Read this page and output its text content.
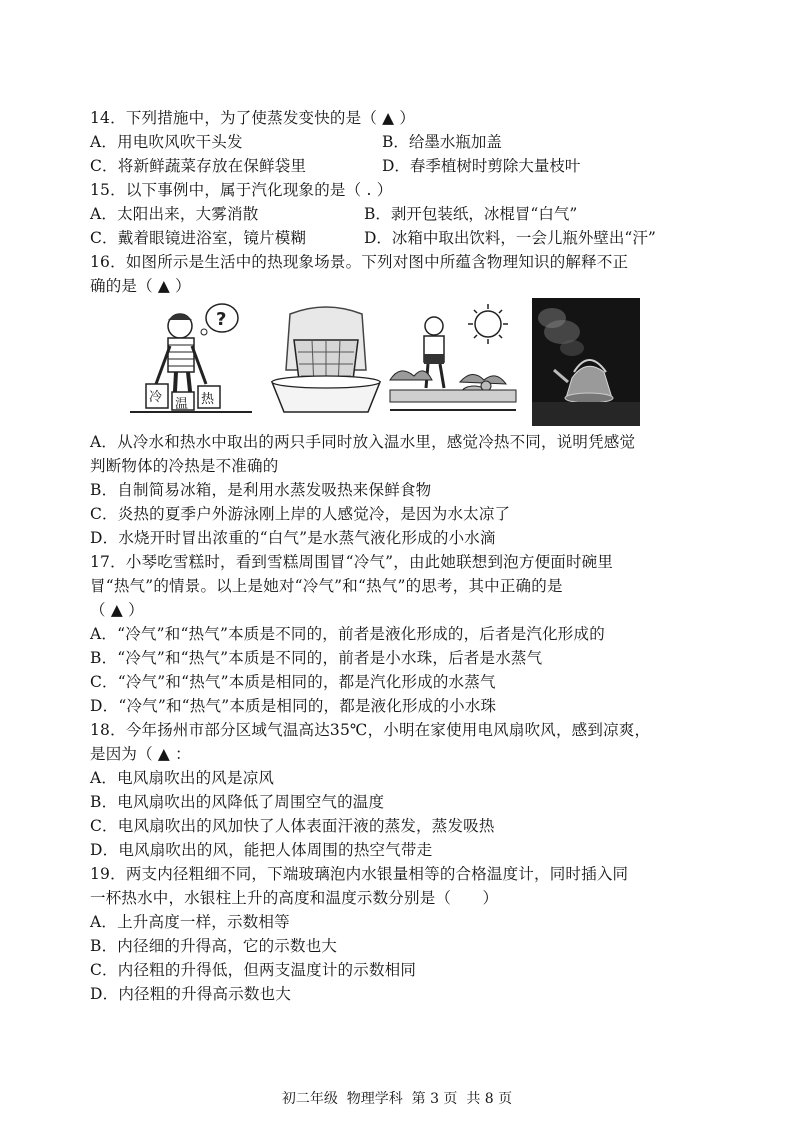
14．下列措施中，为了使蒸发变快的是（ ▲ ）
A．用电吹风吹干头发	B．给墨水瓶加盖
C．将新鲜蔬菜存放在保鲜袋里	D．春季植树时剪除大量枝叶
15．以下事例中，属于汽化现象的是（ . ）
A．太阳出来，大雾消散	B．剥开包装纸，冰棍冒“白气”
C．戴着眼镜进浴室，镜片模糊	D．冰箱中取出饮料，一会儿瓶外壁出“汗”
16．如图所示是生活中的热现象场景。下列对图中所蕴含物理知识的解释不正
确的是（ ▲ ）
?
冷 温 热
A．从冷水和热水中取出的两只手同时放入温水里，感觉冷热不同，说明凭感觉
判断物体的冷热是不准确的
B．自制简易冰箱，是利用水蒸发吸热来保鲜食物
C．炎热的夏季户外游泳刚上岸的人感觉冷，是因为水太凉了
D．水烧开时冒出浓重的“白气”是水蒸气液化形成的小水滴
17．小琴吃雪糕时，看到雪糕周围冒“冷气”，由此她联想到泡方便面时碗里
冒“热气”的情景。以上是她对“冷气”和“热气”的思考，其中正确的是
（ ▲ ）
A．“冷气”和“热气”本质是不同的，前者是液化形成的，后者是汽化形成的
B．“冷气”和“热气”本质是不同的，前者是小水珠，后者是水蒸气
C．“冷气”和“热气”本质是相同的，都是汽化形成的水蒸气
D．“冷气”和“热气”本质是相同的，都是液化形成的小水珠
18．今年扬州市部分区域气温高达35℃，小明在家使用电风扇吹风，感到凉爽，
是因为（ ▲ ：
A．电风扇吹出的风是凉风
B．电风扇吹出的风降低了周围空气的温度
C．电风扇吹出的风加快了人体表面汗液的蒸发，蒸发吸热
D．电风扇吹出的风，能把人体周围的热空气带走
19．两支内径粗细不同，下端玻璃泡内水银量相等的合格温度计，同时插入同
一杯热水中，水银柱上升的高度和温度示数分别是（　　）
A．上升高度一样，示数相等
B．内径细的升得高，它的示数也大
C．内径粗的升得低，但两支温度计的示数相同
D．内径粗的升得高示数也大
初二年级  物理学科  第 3 页  共 8 页
